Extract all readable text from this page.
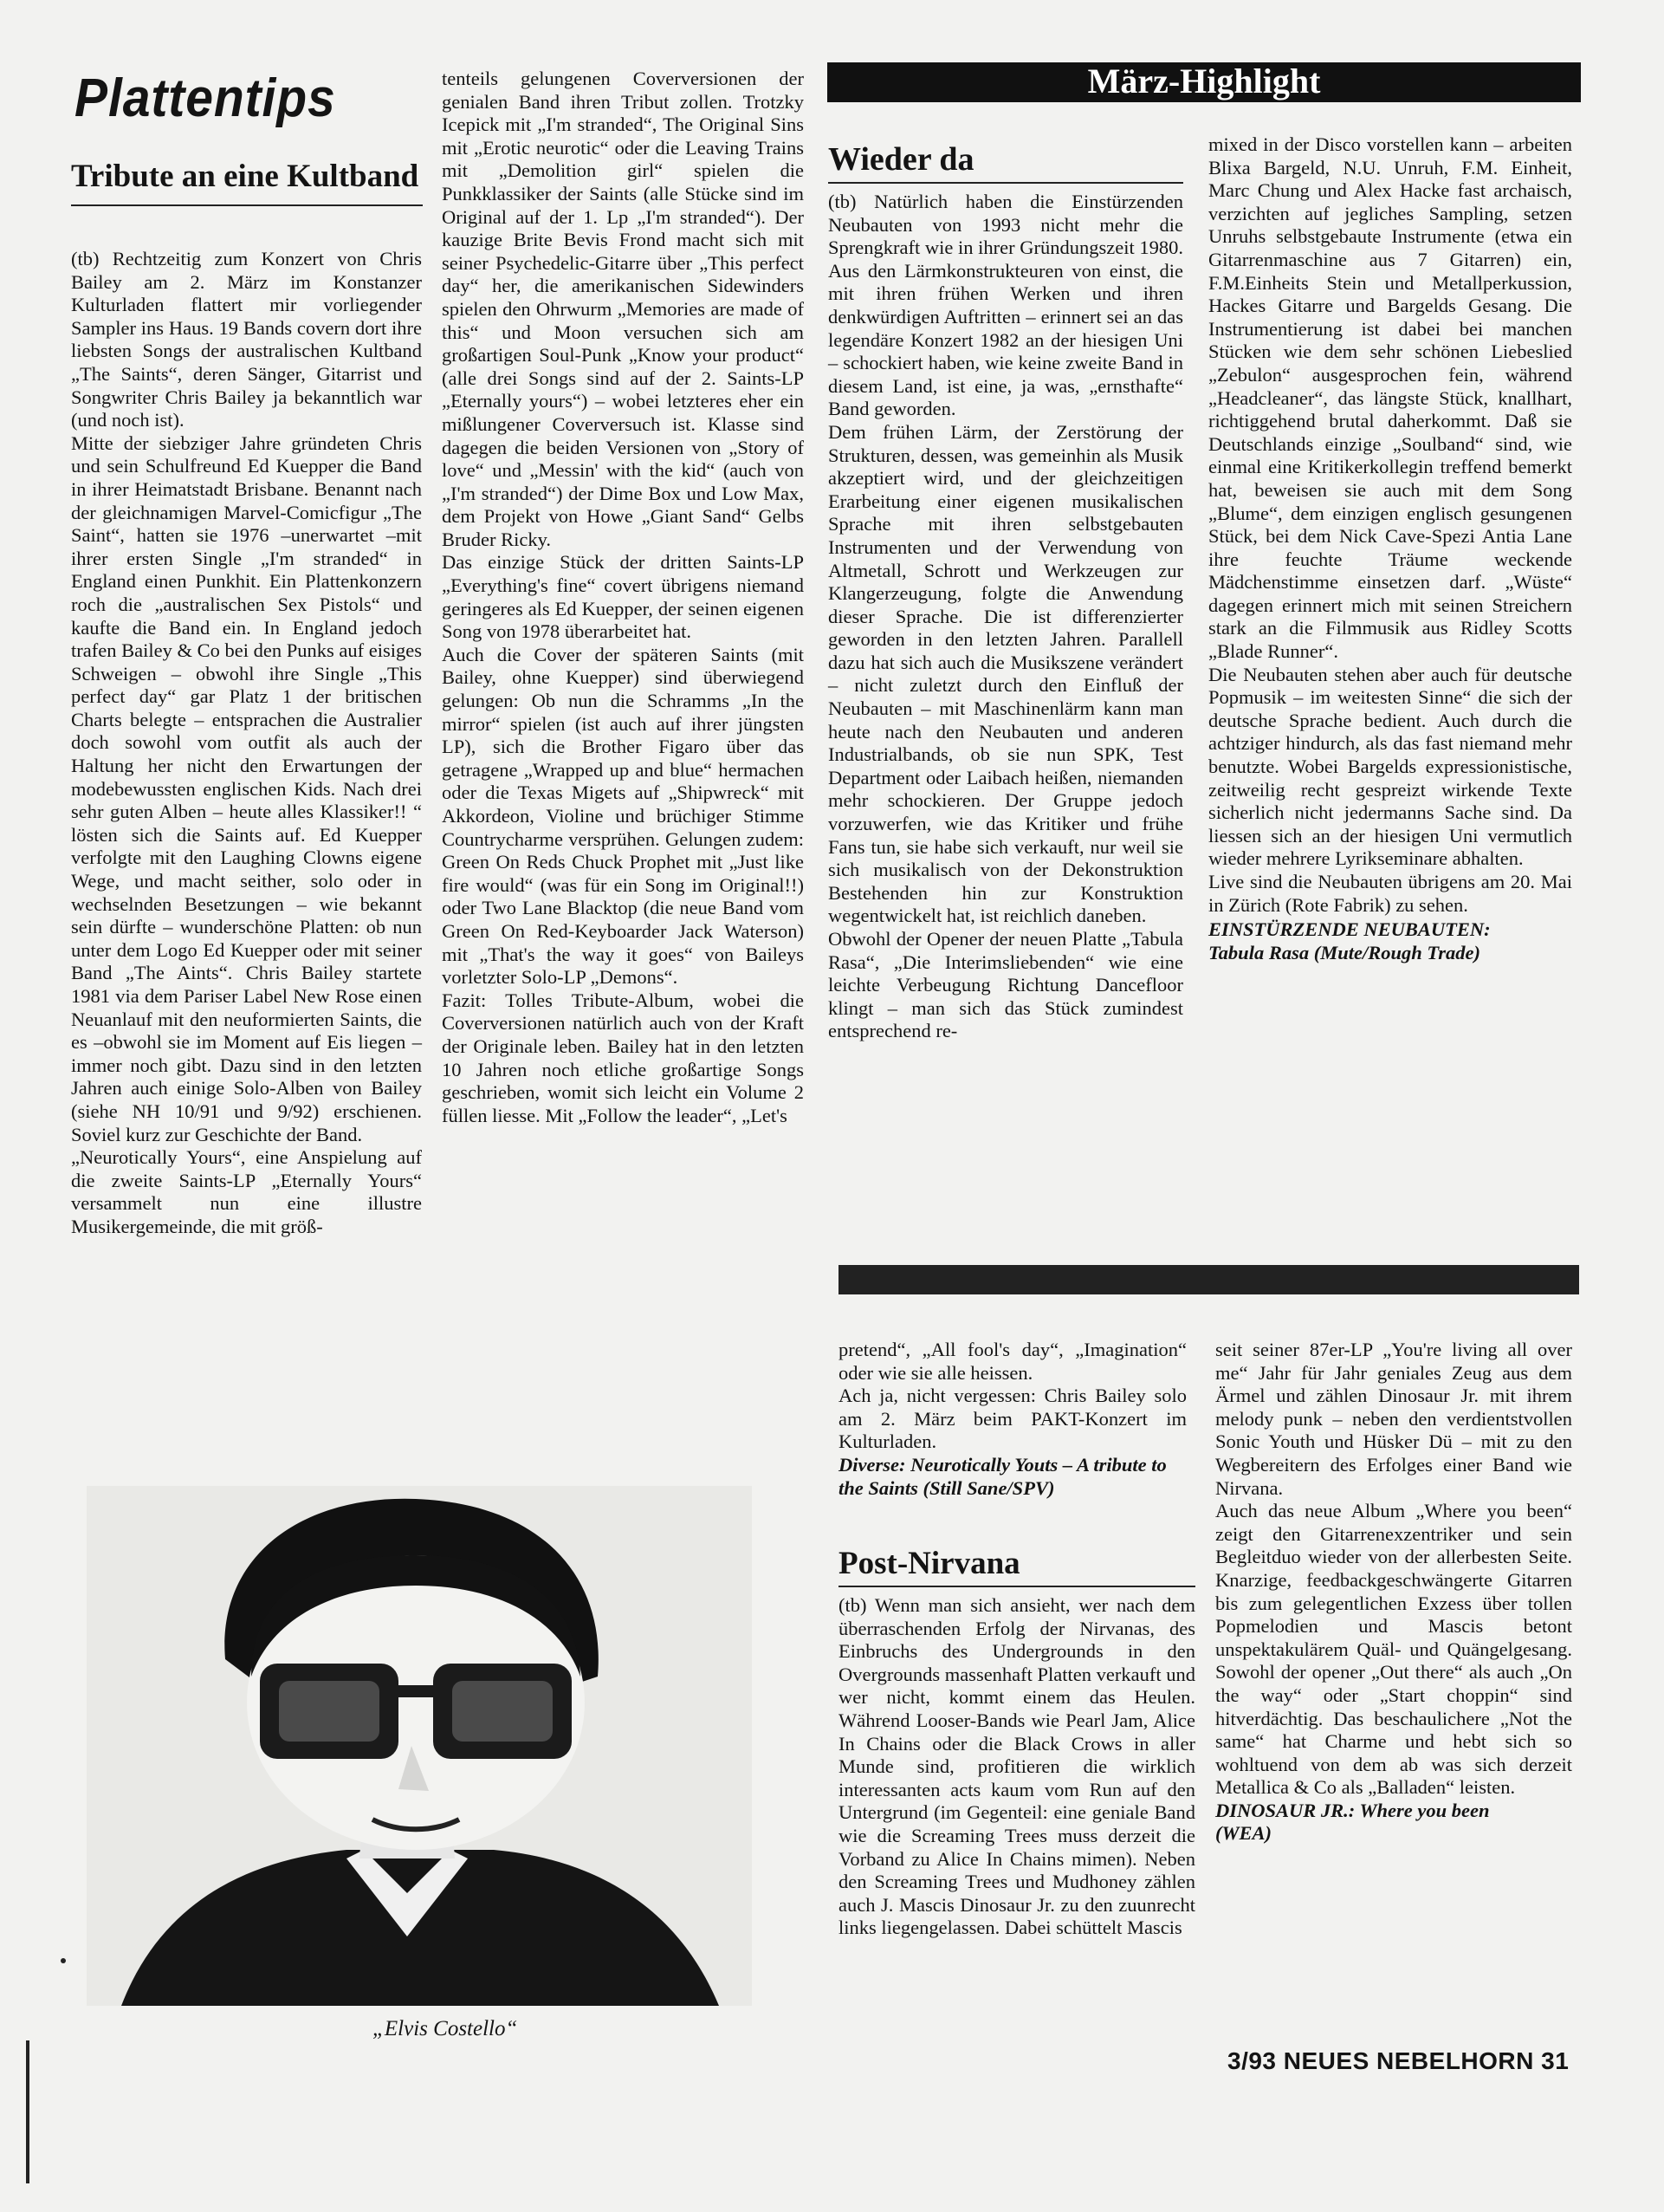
Plattentips
Tribute an eine Kultband

(tb) Rechtzeitig zum Konzert von Chris Bailey am 2. März im Konstanzer Kulturladen flattert mir vorliegender Sampler ins Haus. 19 Bands covern dort ihre liebsten Songs der australischen Kultband „The Saints“, deren Sänger, Gitarrist und Songwriter Chris Bailey ja bekanntlich war (und noch ist).

Mitte der siebziger Jahre gründeten Chris und sein Schulfreund Ed Kuepper die Band in ihrer Heimatstadt Brisbane. Benannt nach der gleichnamigen Marvel-Comicfigur „The Saint“, hatten sie 1976 –unerwartet –mit ihrer ersten Single „I'm stranded“ in England einen Punkhit. Ein Plattenkonzern roch die „australischen Sex Pistols“ und kaufte die Band ein. In England jedoch trafen Bailey & Co bei den Punks auf eisiges Schweigen – obwohl ihre Single „This perfect day“ gar Platz 1 der britischen Charts belegte – entsprachen die Australier doch sowohl vom outfit als auch der Haltung her nicht den Erwartungen der modebewussten englischen Kids. Nach drei sehr guten Alben – heute alles Klassiker!! “ lösten sich die Saints auf. Ed Kuepper verfolgte mit den Laughing Clowns eigene Wege, und macht seither, solo oder in wechselnden Besetzungen – wie bekannt sein dürfte – wunderschöne Platten: ob nun unter dem Logo Ed Kuepper oder mit seiner Band „The Aints“. Chris Bailey startete 1981 via dem Pariser Label New Rose einen Neuanlauf mit den neuformierten Saints, die es –obwohl sie im Moment auf Eis liegen –immer noch gibt. Dazu sind in den letzten Jahren auch einige Solo-Alben von Bailey (siehe NH 10/91 und 9/92) erschienen. Soviel kurz zur Geschichte der Band.

„Neurotically Yours“, eine Anspielung auf die zweite Saints-LP „Eternally Yours“ versammelt nun eine illustre Musikergemeinde, die mit größ-

tenteils gelungenen Coverversionen der genialen Band ihren Tribut zollen. Trotzky Icepick mit „I'm stranded“, The Original Sins mit „Erotic neurotic“ oder die Leaving Trains mit „Demolition girl“ spielen die Punkklassiker der Saints (alle Stücke sind im Original auf der 1. Lp „I'm stranded“). Der kauzige Brite Bevis Frond macht sich mit seiner Psychedelic-Gitarre über „This perfect day“ her, die amerikanischen Sidewinders spielen den Ohrwurm „Memories are made of this“ und Moon versuchen sich am großartigen Soul-Punk „Know your product“ (alle drei Songs sind auf der 2. Saints-LP „Eternally yours“) – wobei letzteres eher ein mißlungener Coverversuch ist. Klasse sind dagegen die beiden Versionen von „Story of love“ und „Messin' with the kid“ (auch von „I'm stranded“) der Dime Box und Low Max, dem Projekt von Howe „Giant Sand“ Gelbs Bruder Ricky.

Das einzige Stück der dritten Saints-LP „Everything's fine“ covert übrigens niemand geringeres als Ed Kuepper, der seinen eigenen Song von 1978 überarbeitet hat.

Auch die Cover der späteren Saints (mit Bailey, ohne Kuepper) sind überwiegend gelungen: Ob nun die Schramms „In the mirror“ spielen (ist auch auf ihrer jüngsten LP), sich die Brother Figaro über das getragene „Wrapped up and blue“ hermachen oder die Texas Migets auf „Shipwreck“ mit Akkordeon, Violine und brüchiger Stimme Countrycharme versprühen. Gelungen zudem: Green On Reds Chuck Prophet mit „Just like fire would“ (was für ein Song im Original!!) oder Two Lane Blacktop (die neue Band vom Green On Red-Keyboarder Jack Waterson) mit „That's the way it goes“ von Baileys vorletzter Solo-LP „Demons“.

Fazit: Tolles Tribute-Album, wobei die Coverversionen natürlich auch von der Kraft der Originale leben. Bailey hat in den letzten 10 Jahren noch etliche großartige Songs geschrieben, womit sich leicht ein Volume 2 füllen liesse. Mit „Follow the leader“, „Let's

März-Highlight
Wieder da

(tb) Natürlich haben die Einstürzenden Neubauten von 1993 nicht mehr die Sprengkraft wie in ihrer Gründungszeit 1980. Aus den Lärmkonstrukteuren von einst, die mit ihren frühen Werken und ihren denkwürdigen Auftritten – erinnert sei an das legendäre Konzert 1982 an der hiesigen Uni – schockiert haben, wie keine zweite Band in diesem Land, ist eine, ja was, „ernsthafte“ Band geworden.

Dem frühen Lärm, der Zerstörung der Strukturen, dessen, was gemeinhin als Musik akzeptiert wird, und der gleichzeitigen Erarbeitung einer eigenen musikalischen Sprache mit ihren selbstgebauten Instrumenten und der Verwendung von Altmetall, Schrott und Werkzeugen zur Klangerzeugung, folgte die Anwendung dieser Sprache. Die ist differenzierter geworden in den letzten Jahren. Parallell dazu hat sich auch die Musikszene verändert – nicht zuletzt durch den Einfluß der Neubauten – mit Maschinenlärm kann man heute nach den Neubauten und anderen Industrialbands, ob sie nun SPK, Test Department oder Laibach heißen, niemanden mehr schockieren. Der Gruppe jedoch vorzuwerfen, wie das Kritiker und frühe Fans tun, sie habe sich verkauft, nur weil sie sich musikalisch von der Dekonstruktion Bestehenden hin zur Konstruktion wegentwickelt hat, ist reichlich daneben.

Obwohl der Opener der neuen Platte „Tabula Rasa“, „Die Interimsliebenden“ wie eine leichte Verbeugung Richtung Dancefloor klingt – man sich das Stück zumindest entsprechend re-

mixed in der Disco vorstellen kann – arbeiten Blixa Bargeld, N.U. Unruh, F.M. Einheit, Marc Chung und Alex Hacke fast archaisch, verzichten auf jegliches Sampling, setzen Unruhs selbstgebaute Instrumente (etwa ein Gitarrenmaschine aus 7 Gitarren) ein, F.M.Einheits Stein und Metallperkussion, Hackes Gitarre und Bargelds Gesang. Die Instrumentierung ist dabei bei manchen Stücken wie dem sehr schönen Liebeslied „Zebulon“ ausgesprochen fein, während „Headcleaner“, das längste Stück, knallhart, richtiggehend brutal daherkommt. Daß sie Deutschlands einzige „Soulband“ sind, wie einmal eine Kritikerkollegin treffend bemerkt hat, beweisen sie auch mit dem Song „Blume“, dem einzigen englisch gesungenen Stück, bei dem Nick Cave-Spezi Antia Lane ihre feuchte Träume weckende Mädchenstimme einsetzen darf. „Wüste“ dagegen erinnert mich mit seinen Streichern stark an die Filmmusik aus Ridley Scotts „Blade Runner“.

Die Neubauten stehen aber auch für deutsche Popmusik – im weitesten Sinne“ die sich der deutsche Sprache bedient. Auch durch die achtziger hindurch, als das fast niemand mehr benutzte. Wobei Bargelds expressionistische, zeitweilig recht gespreizt wirkende Texte sicherlich nicht jedermanns Sache sind. Da liessen sich an der hiesigen Uni vermutlich wieder mehrere Lyrikseminare abhalten.

Live sind die Neubauten übrigens am 20. Mai in Zürich (Rote Fabrik) zu sehen.

EINSTÜRZENDE NEUBAUTEN:

Tabula Rasa (Mute/Rough Trade)

pretend“, „All fool's day“, „Imagination“ oder wie sie alle heissen.

Ach ja, nicht vergessen: Chris Bailey solo am 2. März beim PAKT-Konzert im Kulturladen.

Diverse: Neurotically Youts – A tribute to the Saints (Still Sane/SPV)

Post-Nirvana

(tb) Wenn man sich ansieht, wer nach dem überraschenden Erfolg der Nirvanas, des Einbruchs des Undergrounds in den Overgrounds massenhaft Platten verkauft und wer nicht, kommt einem das Heulen. Während Looser-Bands wie Pearl Jam, Alice In Chains oder die Black Crows in aller Munde sind, profitieren die wirklich interessanten acts kaum vom Run auf den Untergrund (im Gegenteil: eine geniale Band wie die Screaming Trees muss derzeit die Vorband zu Alice In Chains mimen). Neben den Screaming Trees und Mudhoney zählen auch J. Mascis Dinosaur Jr. zu den zuunrecht links liegengelassen. Dabei schüttelt Mascis

seit seiner 87er-LP „You're living all over me“ Jahr für Jahr geniales Zeug aus dem Ärmel und zählen Dinosaur Jr. mit ihrem melody punk – neben den verdientstvollen Sonic Youth und Hüsker Dü – mit zu den Wegbereitern des Erfolges einer Band wie Nirvana.

Auch das neue Album „Where you been“ zeigt den Gitarrenexzentriker und sein Begleitduo wieder von der allerbesten Seite. Knarzige, feedbackgeschwängerte Gitarren bis zum gelegentlichen Exzess über tollen Popmelodien und Mascis betont unspektakulärem Quäl- und Quängelgesang. Sowohl der opener „Out there“ als auch „On the way“ oder „Start choppin“ sind hitverdächtig. Das beschaulichere „Not the same“ hat Charme und hebt sich so wohltuend von dem ab was sich derzeit Metallica & Co als „Balladen“ leisten.

DINOSAUR JR.: Where you been

(WEA)

„Elvis Costello“
3/93 NEUES NEBELHORN 31
